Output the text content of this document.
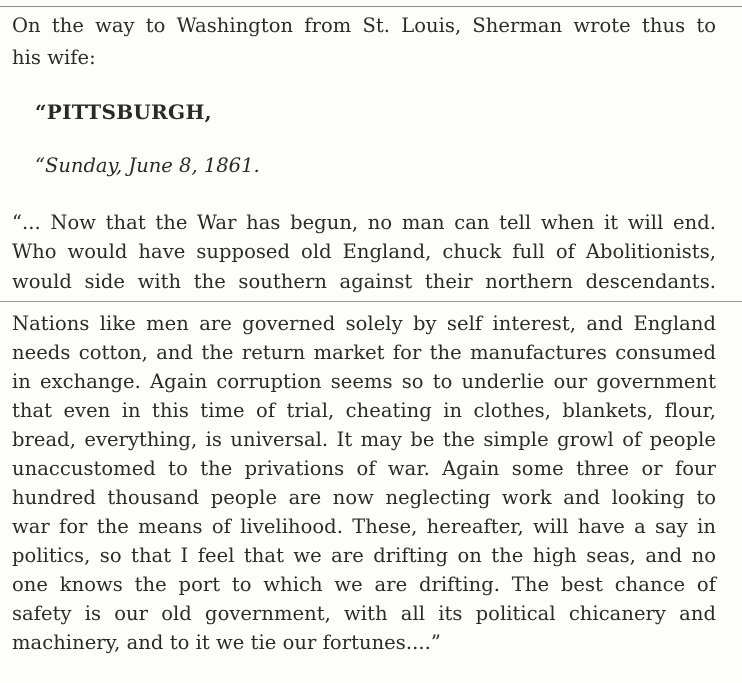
On the way to Washington from St. Louis, Sherman wrote thus to
his wife:
“PITTSBURGH,
“Sunday, June 8, 1861.
“... Now that the War has begun, no man can tell when it will end.
Who would have supposed old England, chuck full of Abolitionists,
would side with the southern against their northern descendants.
Nations like men are governed solely by self interest, and England
needs cotton, and the return market for the manufactures consumed
in exchange. Again corruption seems so to underlie our government
that even in this time of trial, cheating in clothes, blankets, flour,
bread, everything, is universal. It may be the simple growl of people
unaccustomed to the privations of war. Again some three or four
hundred thousand people are now neglecting work and looking to
war for the means of livelihood. These, hereafter, will have a say in
politics, so that I feel that we are drifting on the high seas, and no
one knows the port to which we are drifting. The best chance of
safety is our old government, with all its political chicanery and
machinery, and to it we tie our fortunes....”
